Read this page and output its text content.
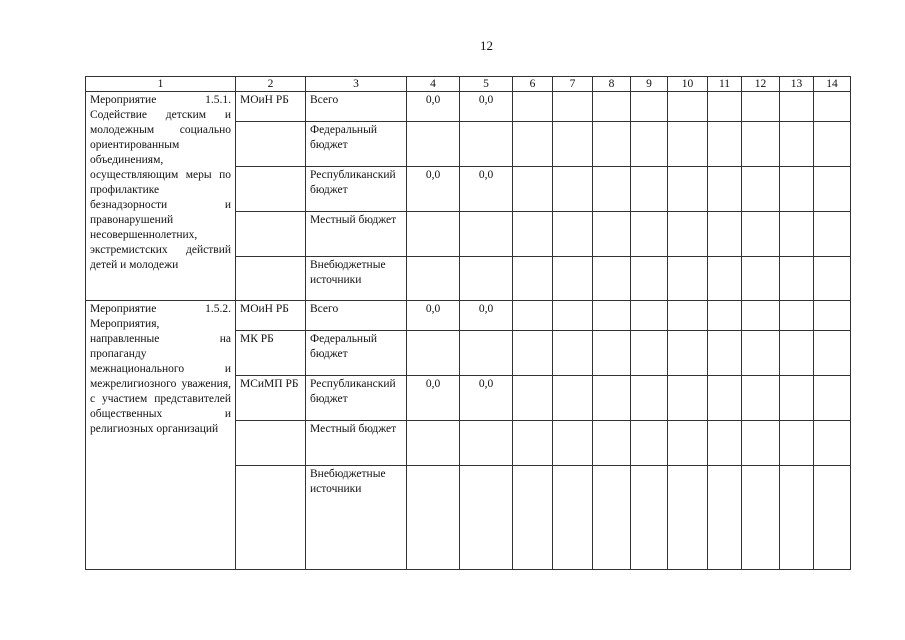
12
1	2	3	4	5	6	7	8	9	10	11	12	13	14
Мероприятие 1.5.1. Содействие детским и молодежным социально ориентированным объединениям, осуществляющим меры по профилактике безнадзорности и правонарушений несовершеннолетних, экстремистских действий детей и молодежи	МОиН РБ	Всего	0,0	0,0									
		Федеральный бюджет											
		Республиканский бюджет	0,0	0,0									
		Местный бюджет											
		Внебюджетные источники											
Мероприятие 1.5.2. Мероприятия, направленные на пропаганду межнационального и межрелигиозного уважения, с участием представителей общественных и религиозных организаций	МОиН РБ	Всего	0,0	0,0									
	МК РБ	Федеральный бюджет											
	МСиМП РБ	Республиканский бюджет	0,0	0,0									
		Местный бюджет											
		Внебюджетные источники											
